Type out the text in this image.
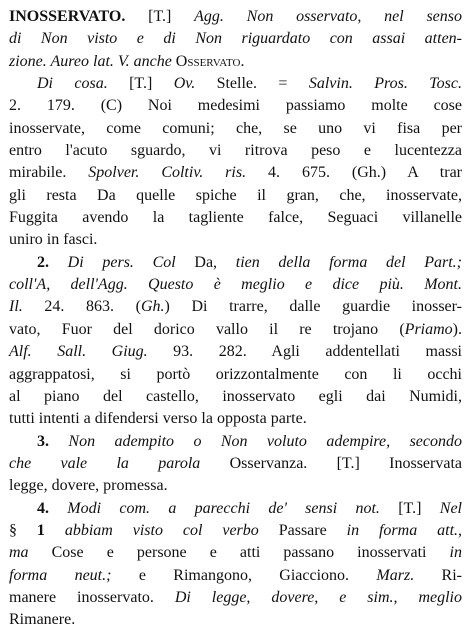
INOSSERVATO. [T.] Agg. Non osservato, nel senso
di Non visto e di Non riguardato con assai atten-
zione. Aureo lat. V. anche Osservato.
Di cosa. [T.] Ov. Stelle. = Salvin. Pros. Tosc.
2. 179. (C) Noi medesimi passiamo molte cose
inosservate, come comuni; che, se uno vi fisa per
entro l'acuto sguardo, vi ritrova peso e lucentezza
mirabile. Spolver. Coltiv. ris. 4. 675. (Gh.) A trar
gli resta Da quelle spiche il gran, che, inosservate,
Fuggita avendo la tagliente falce, Seguaci villanelle
uniro in fasci.
2. Di pers. Col Da, tien della forma del Part.;
coll'A, dell'Agg. Questo è meglio e dice più. Mont.
Il. 24. 863. (Gh.) Di trarre, dalle guardie inosser-
vato, Fuor del dorico vallo il re trojano (Priamo).
Alf. Sall. Giug. 93. 282. Agli addentellati massi
aggrappatosi, si portò orizzontalmente con li occhi
al piano del castello, inosservato egli dai Numidi,
tutti intenti a difendersi verso la opposta parte.
3. Non adempito o Non voluto adempire, secondo
che vale la parola Osservanza. [T.] Inosservata
legge, dovere, promessa.
4. Modi com. a parecchi de' sensi not. [T.] Nel
§ 1 abbiam visto col verbo Passare in forma att.,
ma Cose e persone e atti passano inosservati in
forma neut.; e Rimangono, Giacciono. Marz. Ri-
manere inosservato. Di legge, dovere, e sim., meglio
Rimanere.
